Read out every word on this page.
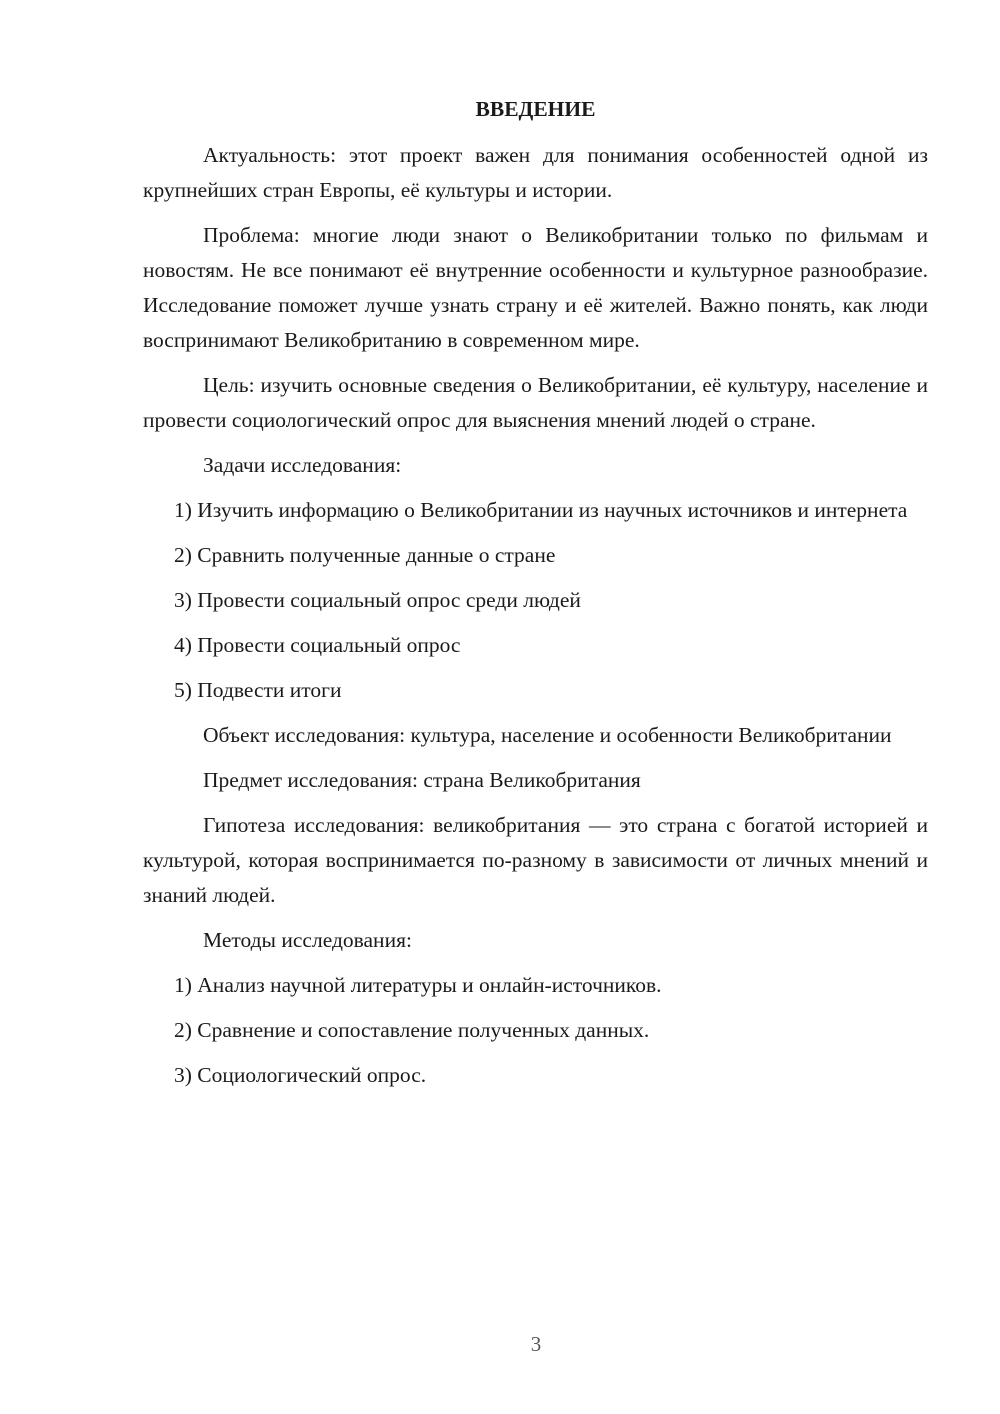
ВВЕДЕНИЕ

Актуальность: этот проект важен для понимания особенностей одной из крупнейших стран Европы, её культуры и истории.

Проблема: многие люди знают о Великобритании только по фильмам и новостям. Не все понимают её внутренние особенности и культурное разнообразие. Исследование поможет лучше узнать страну и её жителей. Важно понять, как люди воспринимают Великобританию в современном мире.

Цель: изучить основные сведения о Великобритании, её культуру, население и провести социологический опрос для выяснения мнений людей о стране.

Задачи исследования:

1) Изучить информацию о Великобритании из научных источников и интернета

2) Сравнить полученные данные о стране

3) Провести социальный опрос среди людей

4) Провести социальный опрос

5) Подвести итоги

Объект исследования: культура, население и особенности Великобритании

Предмет исследования: страна Великобритания

Гипотеза исследования: великобритания — это страна с богатой историей и культурой, которая воспринимается по-разному в зависимости от личных мнений и знаний людей.

Методы исследования:

1) Анализ научной литературы и онлайн-источников.

2) Сравнение и сопоставление полученных данных.

3) Социологический опрос.

3
